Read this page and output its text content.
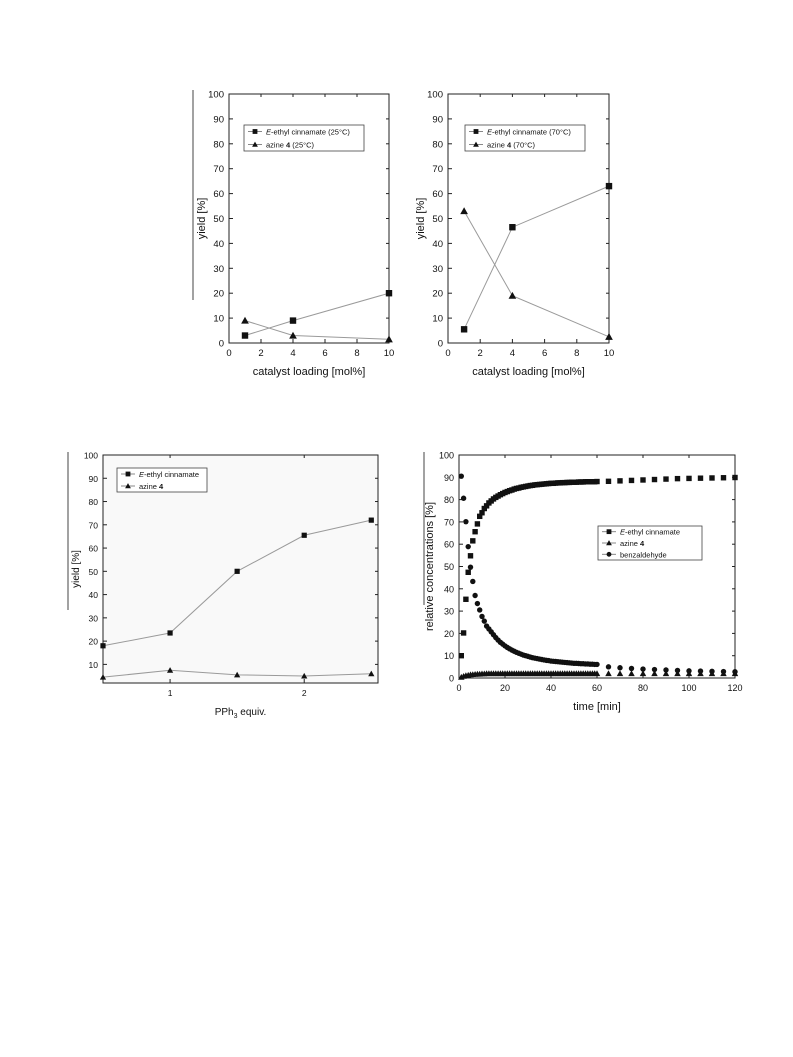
0
10
20
30
40
50
60
70
80
90
100
0	2	4	6	8	10
catalyst loading [mol%]
yield [%]
E-ethyl cinnamate (25°C)
azine 4 (25°C)
0
10
20
30
40
50
60
70
80
90
100
0	2	4	6	8	10
catalyst loading [mol%]
yield [%]
E-ethyl cinnamate (70°C)
azine 4 (70°C)
10
20
30
40
50
60
70
80
90
100
1	2
PPh$_3$ equiv.
yield [%]
E-ethyl cinnamate
azine 4
0
10
20
30
40
50
60
70
80
90
100
0	20	40	60	80	100	120
time [min]
relative concentrations [%]	E-ethyl cinnamate
azine 4
benzaldehyde
